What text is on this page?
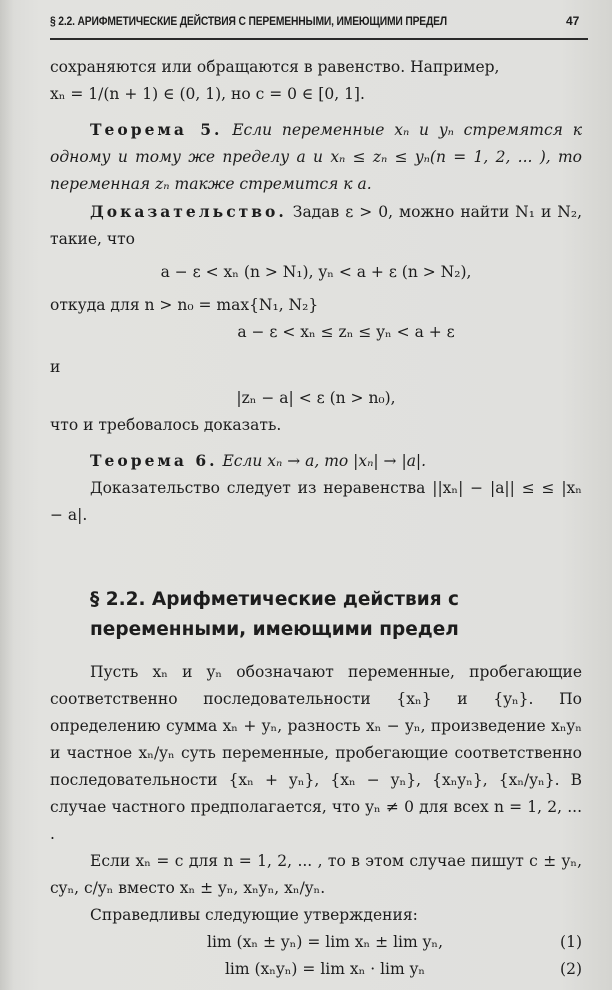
§ 2.2. АРИФМЕТИЧЕСКИЕ ДЕЙСТВИЯ С ПЕРЕМЕННЫМИ, ИМЕЮЩИМИ ПРЕДЕЛ	47

сохраняются или обращаются в равенство. Например,

xₙ = 1/(n + 1) ∈ (0, 1), но c = 0 ∈ [0, 1].

Теорема 5. Если переменные xₙ и yₙ стремятся к одному и тому же пределу a и xₙ ≤ zₙ ≤ yₙ(n = 1, 2, ... ), то переменная zₙ также стремится к a.

Доказательство. Задав ε > 0, можно найти N₁ и N₂, такие, что

a − ε < xₙ (n > N₁), yₙ < a + ε (n > N₂),

откуда для n > n₀ = max{N₁, N₂}

a − ε < xₙ ≤ zₙ ≤ yₙ < a + ε

и

|zₙ − a| < ε (n > n₀),

что и требовалось доказать.

Теорема 6. Если xₙ → a, то |xₙ| → |a|.

Доказательство следует из неравенства ||xₙ| − |a|| ≤ ≤ |xₙ − a|.

§ 2.2. Арифметические действия с переменными, имеющими предел

Пусть xₙ и yₙ обозначают переменные, пробегающие соответственно последовательности {xₙ} и {yₙ}. По определению сумма xₙ + yₙ, разность xₙ − yₙ, произведение xₙyₙ и частное xₙ/yₙ суть переменные, пробегающие соответственно последовательности {xₙ + yₙ}, {xₙ − yₙ}, {xₙyₙ}, {xₙ/yₙ}. В случае частного предполагается, что yₙ ≠ 0 для всех n = 1, 2, ... .

Если xₙ = c для n = 1, 2, ... , то в этом случае пишут c ± yₙ, cyₙ, c/yₙ вместо xₙ ± yₙ, xₙyₙ, xₙ/yₙ.

Справедливы следующие утверждения:

lim (xₙ ± yₙ) = lim xₙ ± lim yₙ,	(1)
lim (xₙyₙ) = lim xₙ · lim yₙ	(2)
